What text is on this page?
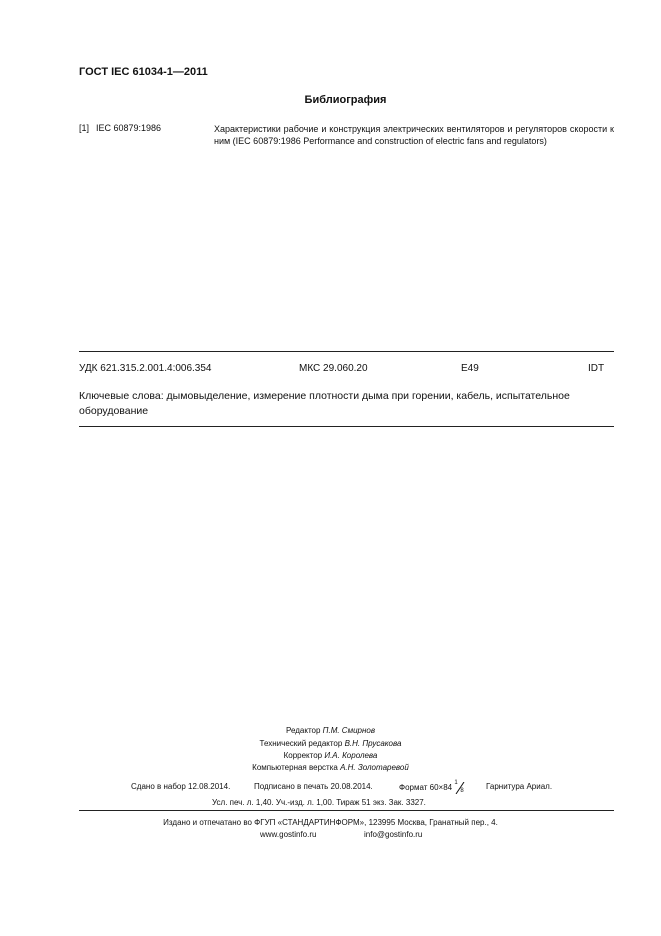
ГОСТ IEC 61034-1—2011
Библиография
[1] IEC 60879:1986	Характеристики рабочие и конструкция электрических вентиляторов и регуляторов скорости к ним (IEC 60879:1986 Performance and construction of electric fans and regulators)
УДК 621.315.2.001.4:006.354	МКС 29.060.20	Е49	IDT
Ключевые слова: дымовыделение, измерение плотности дыма при горении, кабель, испытательное оборудование
Редактор П.М. Смирнов
Технический редактор В.Н. Прусакова
Корректор И.А. Королева
Компьютерная верстка А.Н. Золотаревой
Сдано в набор 12.08.2014.	Подписано в печать 20.08.2014.	Формат 60×84
1
8	Гарнитура Ариал.
Усл. печ. л. 1,40. Уч.-изд. л. 1,00. Тираж 51 экз. Зак. 3327.
Издано и отпечатано во ФГУП «СТАНДАРТИНФОРМ», 123995 Москва, Гранатный пер., 4.
www.gostinfo.ru	info@gostinfo.ru
